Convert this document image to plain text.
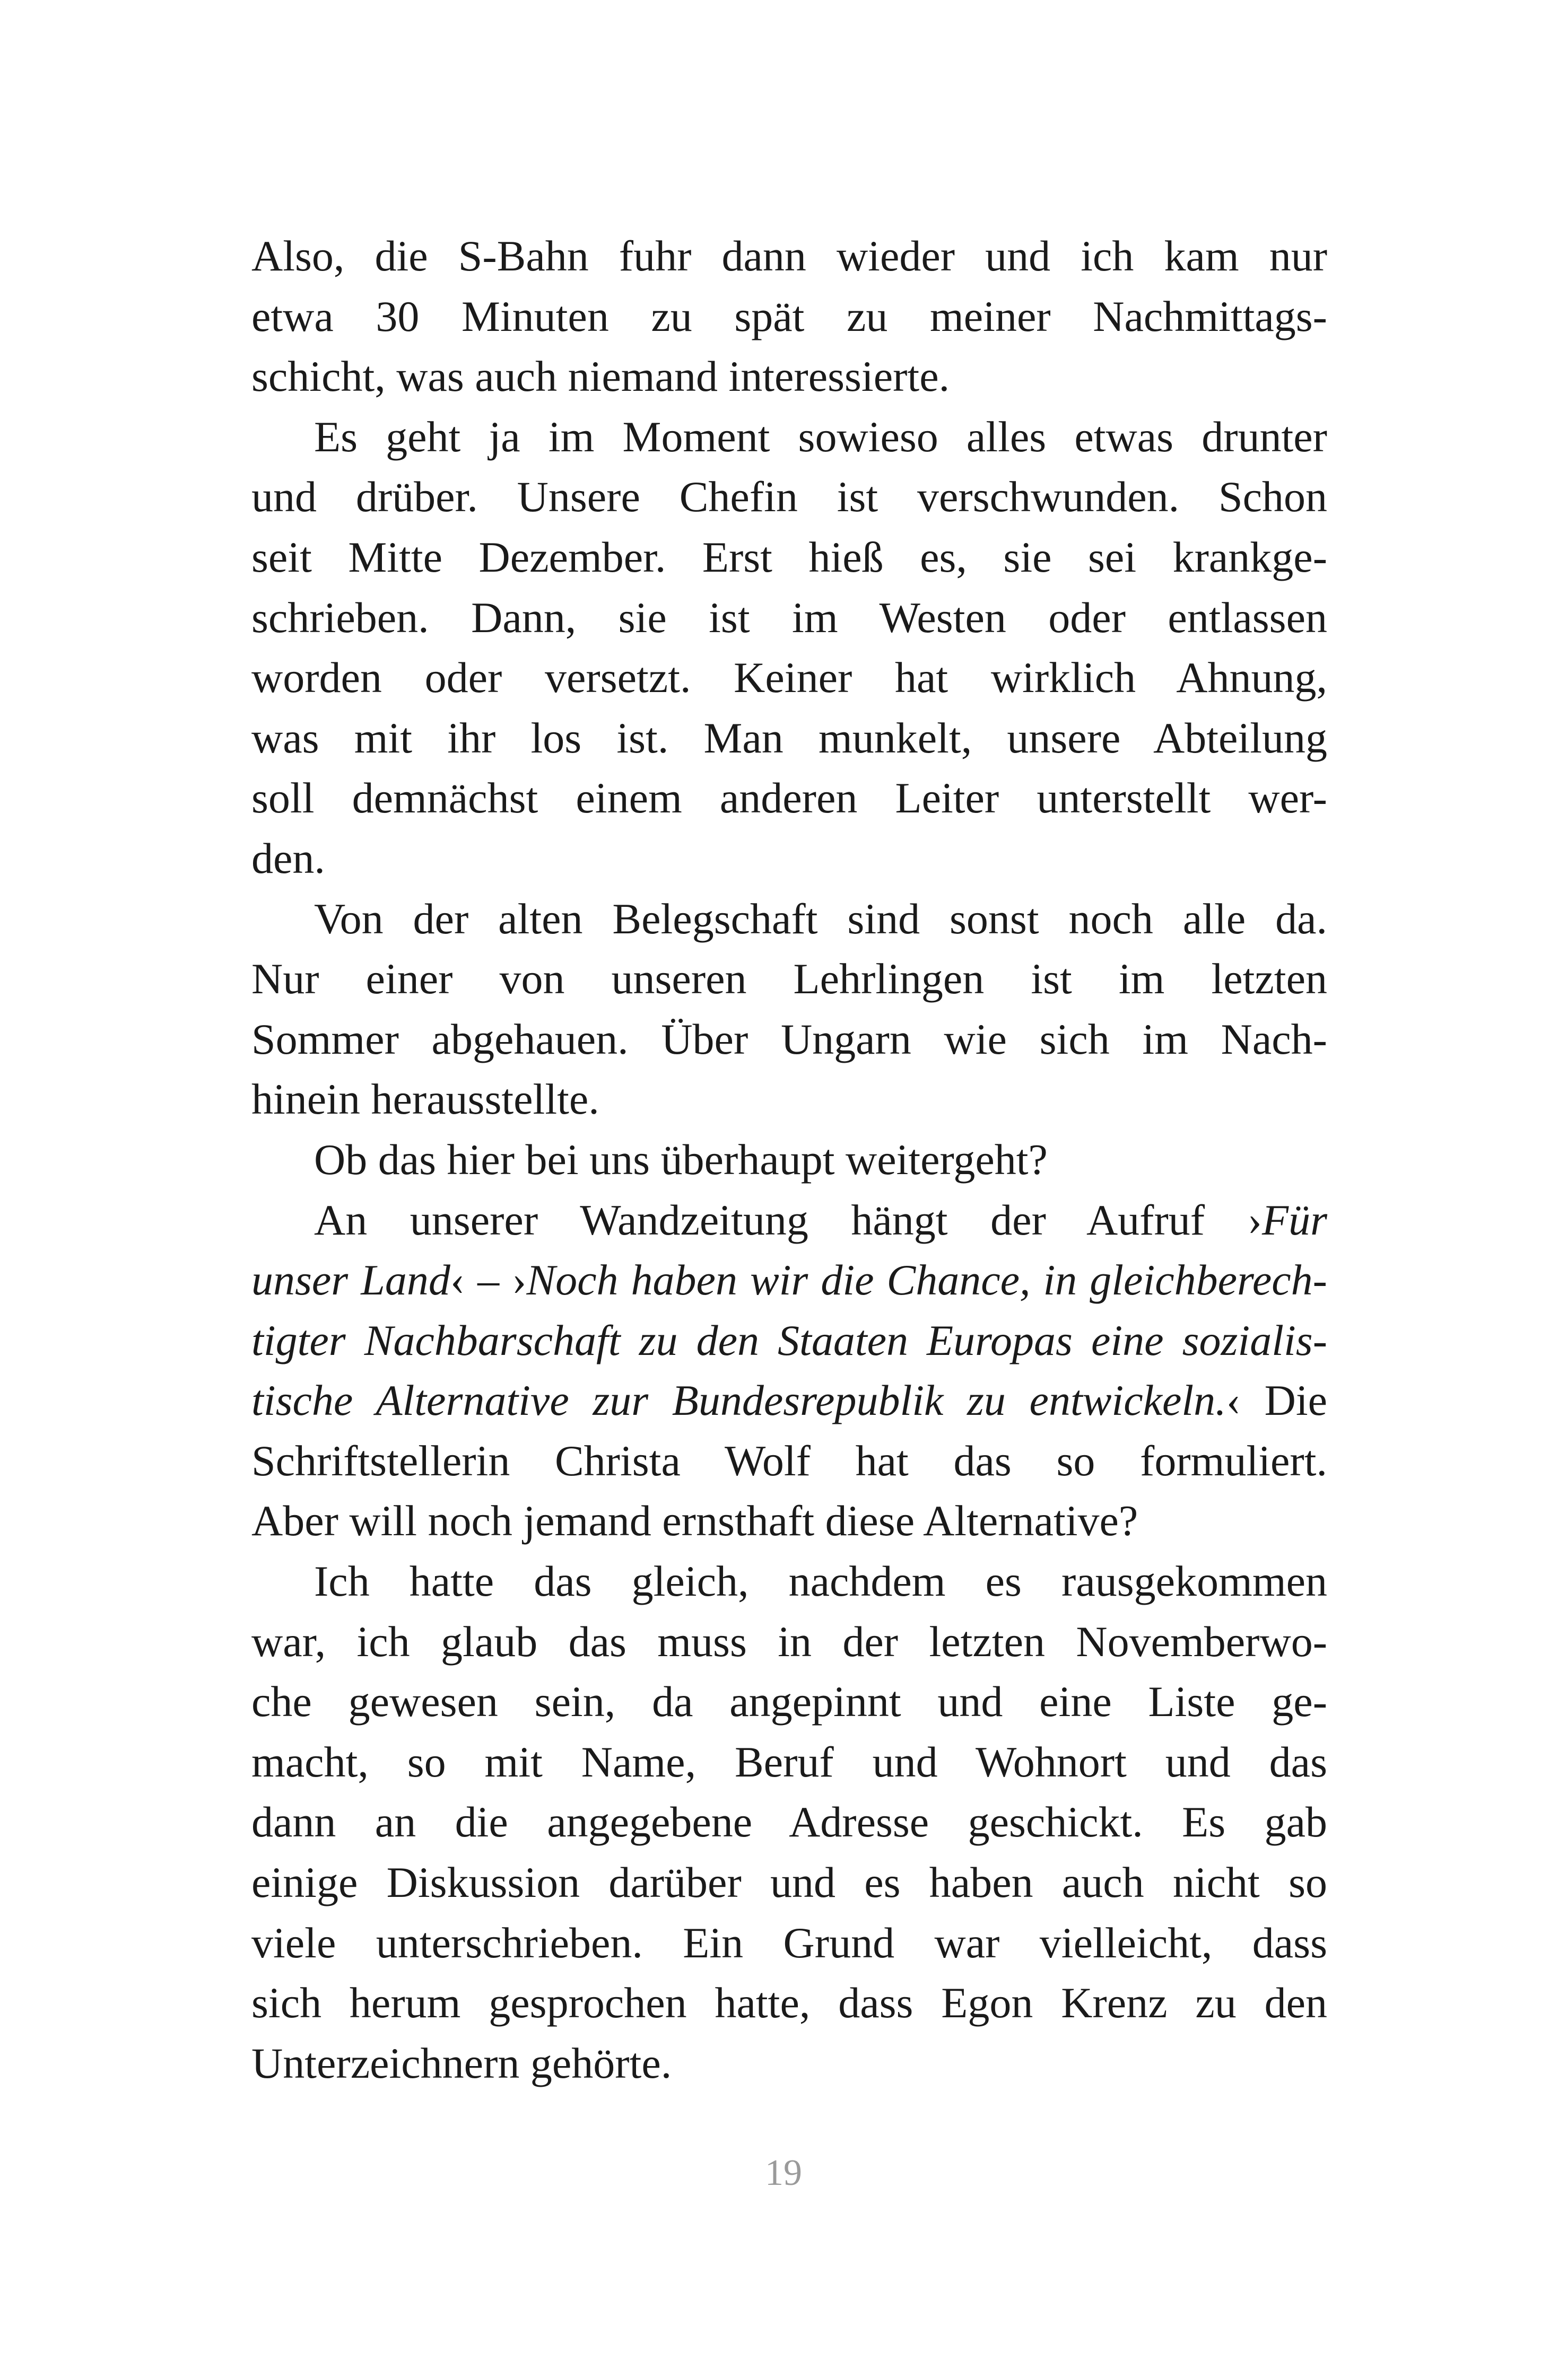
Also, die S-Bahn fuhr dann wieder und ich kam nur
etwa 30 Minuten zu spät zu meiner Nachmittags-
schicht, was auch niemand interessierte.

Es geht ja im Moment sowieso alles etwas drunter
und drüber. Unsere Chefin ist verschwunden. Schon
seit Mitte Dezember. Erst hieß es, sie sei krankge-
schrieben. Dann, sie ist im Westen oder entlassen
worden oder versetzt. Keiner hat wirklich Ahnung,
was mit ihr los ist. Man munkelt, unsere Abteilung
soll demnächst einem anderen Leiter unterstellt wer-
den.

Von der alten Belegschaft sind sonst noch alle da.
Nur einer von unseren Lehrlingen ist im letzten
Sommer abgehauen. Über Ungarn wie sich im Nach-
hinein herausstellte.

Ob das hier bei uns überhaupt weitergeht?

An unserer Wandzeitung hängt der Aufruf ›Für
unser Land‹ – ›Noch haben wir die Chance, in gleichberech-
tigter Nachbarschaft zu den Staaten Europas eine sozialis-
tische Alternative zur Bundesrepublik zu entwickeln.‹ Die
Schriftstellerin Christa Wolf hat das so formuliert.
Aber will noch jemand ernsthaft diese Alternative?

Ich hatte das gleich, nachdem es rausgekommen
war, ich glaub das muss in der letzten Novemberwo-
che gewesen sein, da angepinnt und eine Liste ge-
macht, so mit Name, Beruf und Wohnort und das
dann an die angegebene Adresse geschickt. Es gab
einige Diskussion darüber und es haben auch nicht so
viele unterschrieben. Ein Grund war vielleicht, dass
sich herum gesprochen hatte, dass Egon Krenz zu den
Unterzeichnern gehörte.

19
